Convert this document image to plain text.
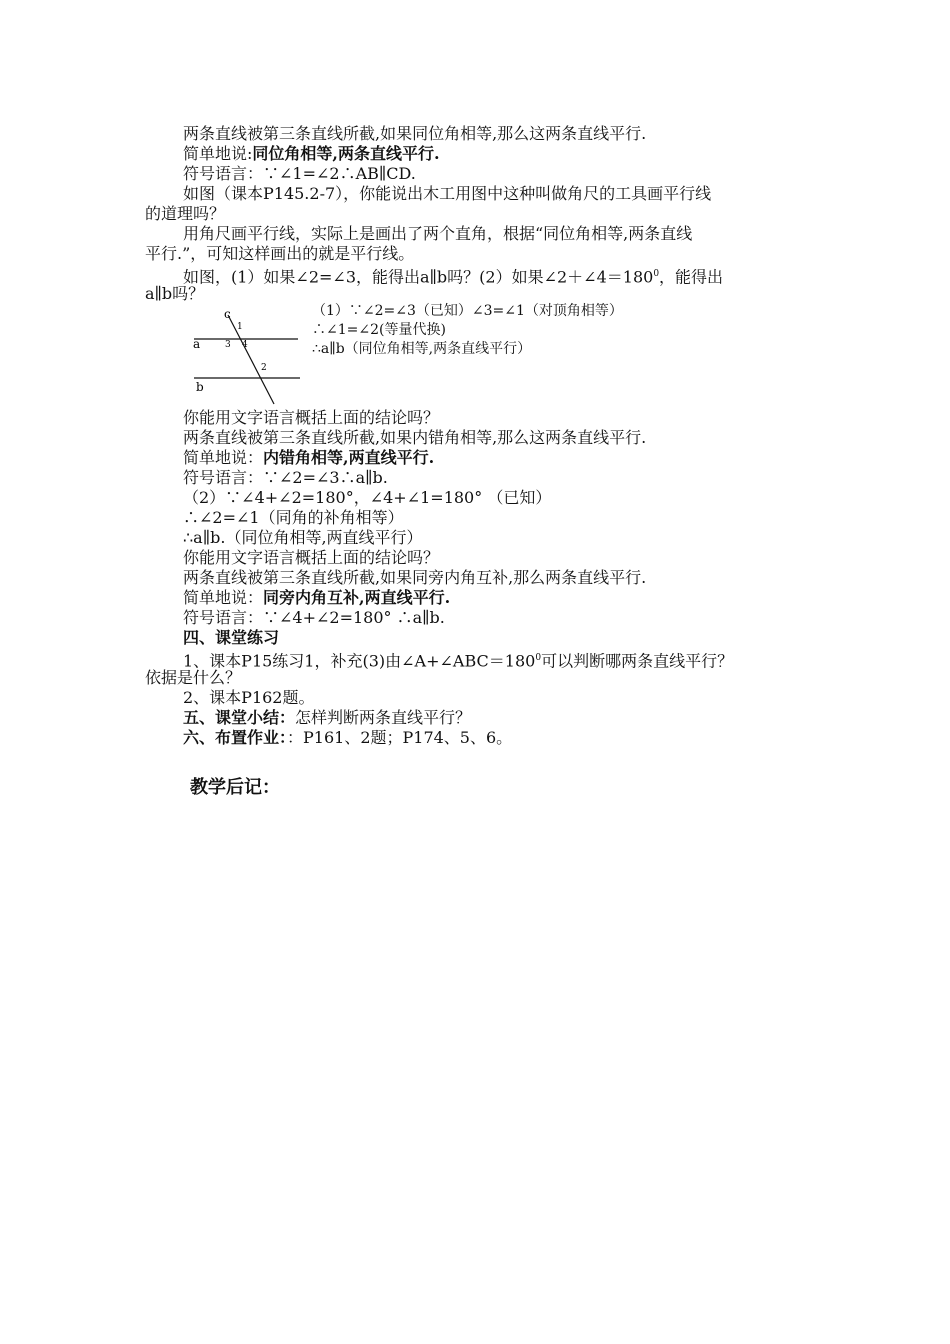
两条直线被第三条直线所截,如果同位角相等,那么这两条直线平行.
简单地说:同位角相等,两条直线平行.
符号语言：∵∠1=∠2∴AB∥CD.
如图（课本P145.2-7），你能说出木工用图中这种叫做角尺的工具画平行线
的道理吗？
用角尺画平行线，实际上是画出了两个直角，根据“同位角相等,两条直线
平行.”，可知这样画出的就是平行线。
如图，(1）如果∠2=∠3，能得出a∥b吗？(2）如果$\angle 2+\angle 4=180^0$，能得出
a∥b吗？
c
a
b
1
3 4
2
（1）∵∠2=∠3（已知）∠3=∠1（对顶角相等）
∴∠1=∠2(等量代换)
∴a∥b（同位角相等,两条直线平行）
你能用文字语言概括上面的结论吗？
两条直线被第三条直线所截,如果内错角相等,那么这两条直线平行.
简单地说：内错角相等,两直线平行.
符号语言：∵∠2=∠3∴a∥b.
（2）∵∠4+∠2=180°，∠4+∠1=180° （已知）
∴∠2=∠1（同角的补角相等）
∴a∥b.（同位角相等,两直线平行）
你能用文字语言概括上面的结论吗？
两条直线被第三条直线所截,如果同旁内角互补,那么两条直线平行.
简单地说：同旁内角互补,两直线平行.
符号语言：∵∠4+∠2=180° ∴a∥b.
四、课堂练习
1、课本P15练习1，补充(3)由$\angle A+\angle ABC=180^0$可以判断哪两条直线平行？
依据是什么？
2、课本P162题。
五、课堂小结：怎样判断两条直线平行？
六、布置作业：：P161、2题；P174、5、6。
教学后记：
